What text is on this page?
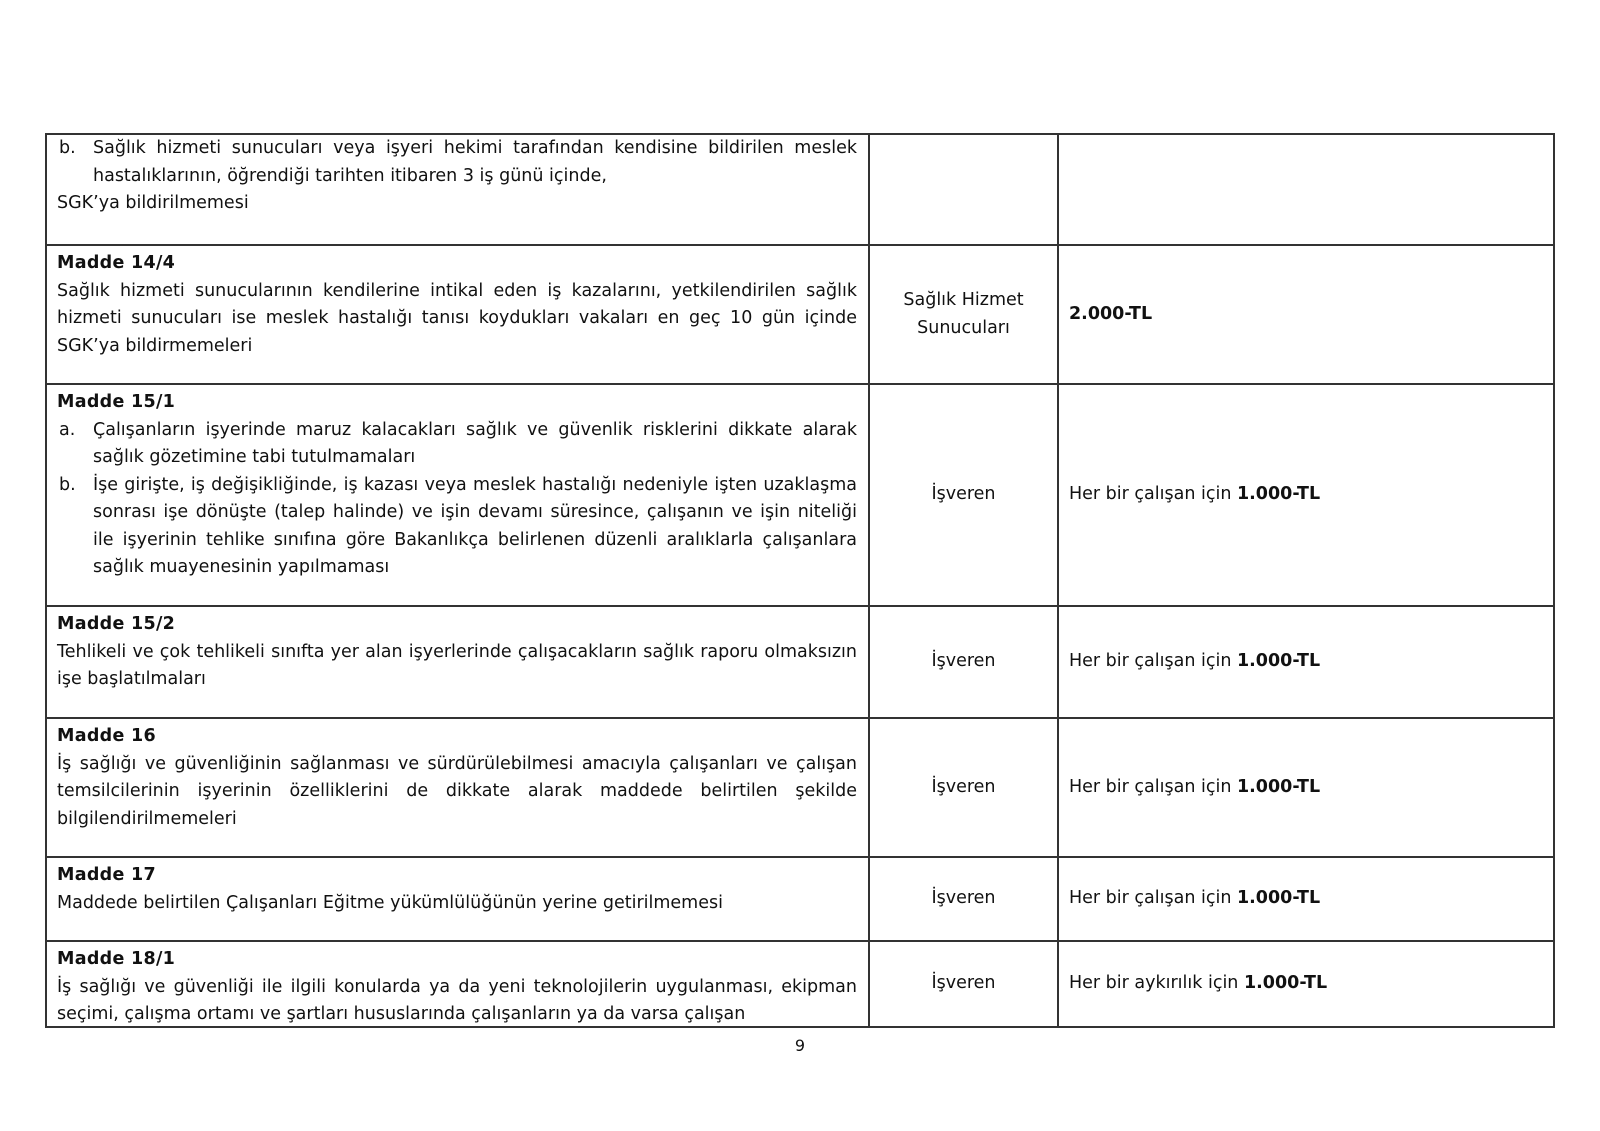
b. Sağlık hizmeti sunucuları veya işyeri hekimi tarafından kendisine bildirilen meslek hastalıklarının, öğrendiği tarihten itibaren 3 iş günü içinde,
SGK’ya bildirilmemesi		

Madde 14/4
Sağlık hizmeti sunucularının kendilerine intikal eden iş kazalarını, yetkilendirilen sağlık hizmeti sunucuları ise meslek hastalığı tanısı koydukları vakaları en geç 10 gün içinde SGK’ya bildirmemeleri	Sağlık Hizmet Sunucuları	2.000-TL

Madde 15/1
a. Çalışanların işyerinde maruz kalacakları sağlık ve güvenlik risklerini dikkate alarak sağlık gözetimine tabi tutulmamaları
b. İşe girişte, iş değişikliğinde, iş kazası veya meslek hastalığı nedeniyle işten uzaklaşma sonrası işe dönüşte (talep halinde) ve işin devamı süresince, çalışanın ve işin niteliği ile işyerinin tehlike sınıfına göre Bakanlıkça belirlenen düzenli aralıklarla çalışanlara sağlık muayenesinin yapılmaması	İşveren	Her bir çalışan için 1.000-TL

Madde 15/2
Tehlikeli ve çok tehlikeli sınıfta yer alan işyerlerinde çalışacakların sağlık raporu olmaksızın işe başlatılmaları	İşveren	Her bir çalışan için 1.000-TL

Madde 16
İş sağlığı ve güvenliğinin sağlanması ve sürdürülebilmesi amacıyla çalışanları ve çalışan temsilcilerinin işyerinin özelliklerini de dikkate alarak maddede belirtilen şekilde bilgilendirilmemeleri	İşveren	Her bir çalışan için 1.000-TL

Madde 17
Maddede belirtilen Çalışanları Eğitme yükümlülüğünün yerine getirilmemesi	İşveren	Her bir çalışan için 1.000-TL

Madde 18/1
İş sağlığı ve güvenliği ile ilgili konularda ya da yeni teknolojilerin uygulanması, ekipman seçimi, çalışma ortamı ve şartları hususlarında çalışanların ya da varsa çalışan	İşveren	Her bir aykırılık için 1.000-TL
9
